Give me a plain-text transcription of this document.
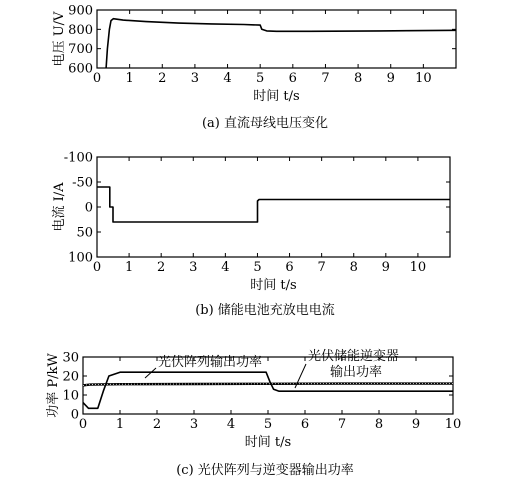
0 1 2 3 4 5 6 7 8 9 10
600
700
800
900
时间 t/s
电压 U/V
(a) 直流母线电压变化
0 1 2 3 4 5 6 7 8 9 10
-100
-50
0
50
100
时间 t/s
电流 I/A
(b) 储能电池充放电电流
0 1 2 3 4 5 6 7 8 9 10
0
10
20
30
时间 t/s
功率 P/kW
(c) 光伏阵列与逆变器输出功率
光伏阵列输出功率	光伏储能逆变器
输出功率
